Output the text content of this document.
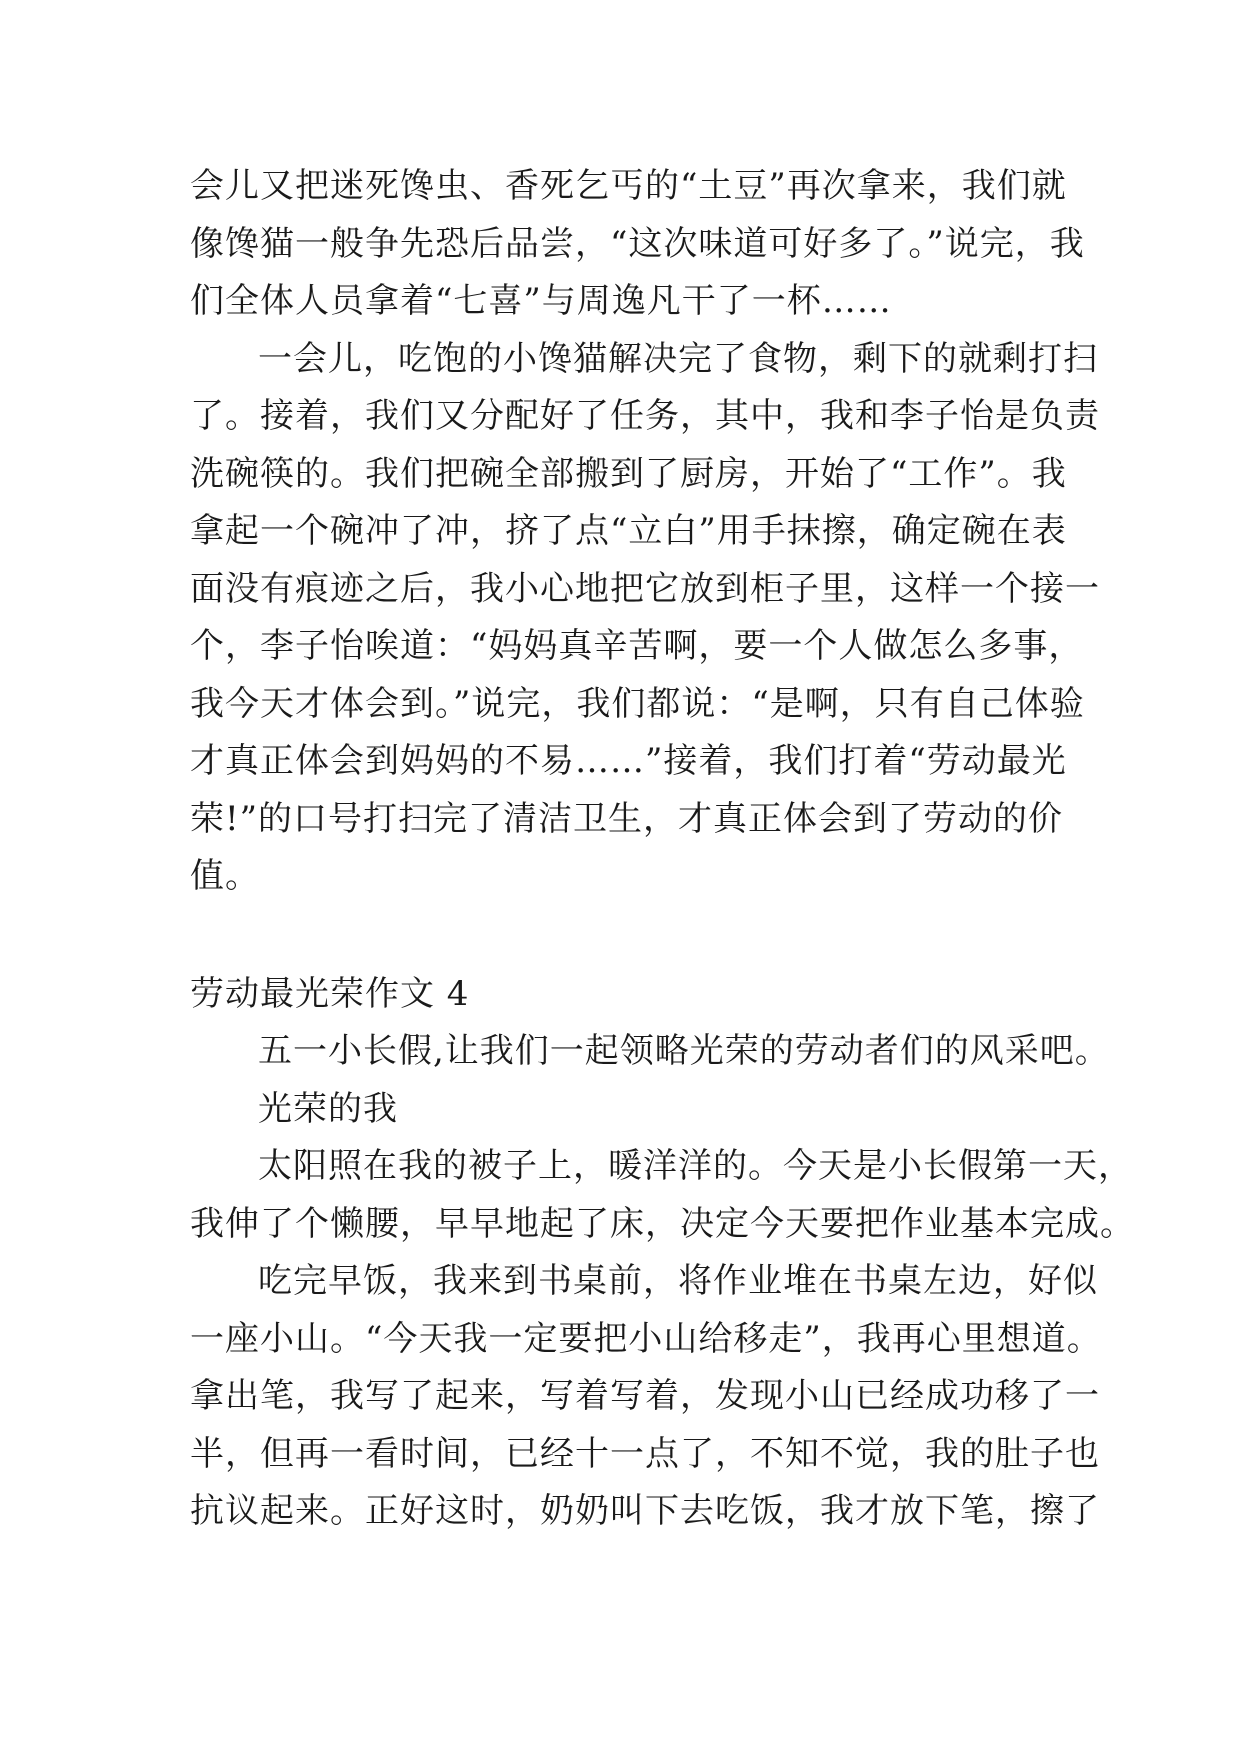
会儿又把迷死馋虫、香死乞丐的“土豆”再次拿来，我们就
像馋猫一般争先恐后品尝，“这次味道可好多了。”说完，我
们全体人员拿着“七喜”与周逸凡干了一杯……
一会儿，吃饱的小馋猫解决完了食物，剩下的就剩打扫
了。接着，我们又分配好了任务，其中，我和李子怡是负责
洗碗筷的。我们把碗全部搬到了厨房，开始了“工作”。我
拿起一个碗冲了冲，挤了点“立白”用手抹擦，确定碗在表
面没有痕迹之后，我小心地把它放到柜子里，这样一个接一
个，李子怡唉道：“妈妈真辛苦啊，要一个人做怎么多事，
我今天才体会到。”说完，我们都说：“是啊，只有自己体验
才真正体会到妈妈的不易……”接着，我们打着“劳动最光
荣!”的口号打扫完了清洁卫生，才真正体会到了劳动的价
值。
劳动最光荣作文 4
五一小长假,让我们一起领略光荣的劳动者们的风采吧。
光荣的我
太阳照在我的被子上，暖洋洋的。今天是小长假第一天，
我伸了个懒腰，早早地起了床，决定今天要把作业基本完成。
吃完早饭，我来到书桌前，将作业堆在书桌左边，好似
一座小山。“今天我一定要把小山给移走”，我再心里想道。
拿出笔，我写了起来，写着写着，发现小山已经成功移了一
半，但再一看时间，已经十一点了，不知不觉，我的肚子也
抗议起来。正好这时，奶奶叫下去吃饭，我才放下笔，擦了
